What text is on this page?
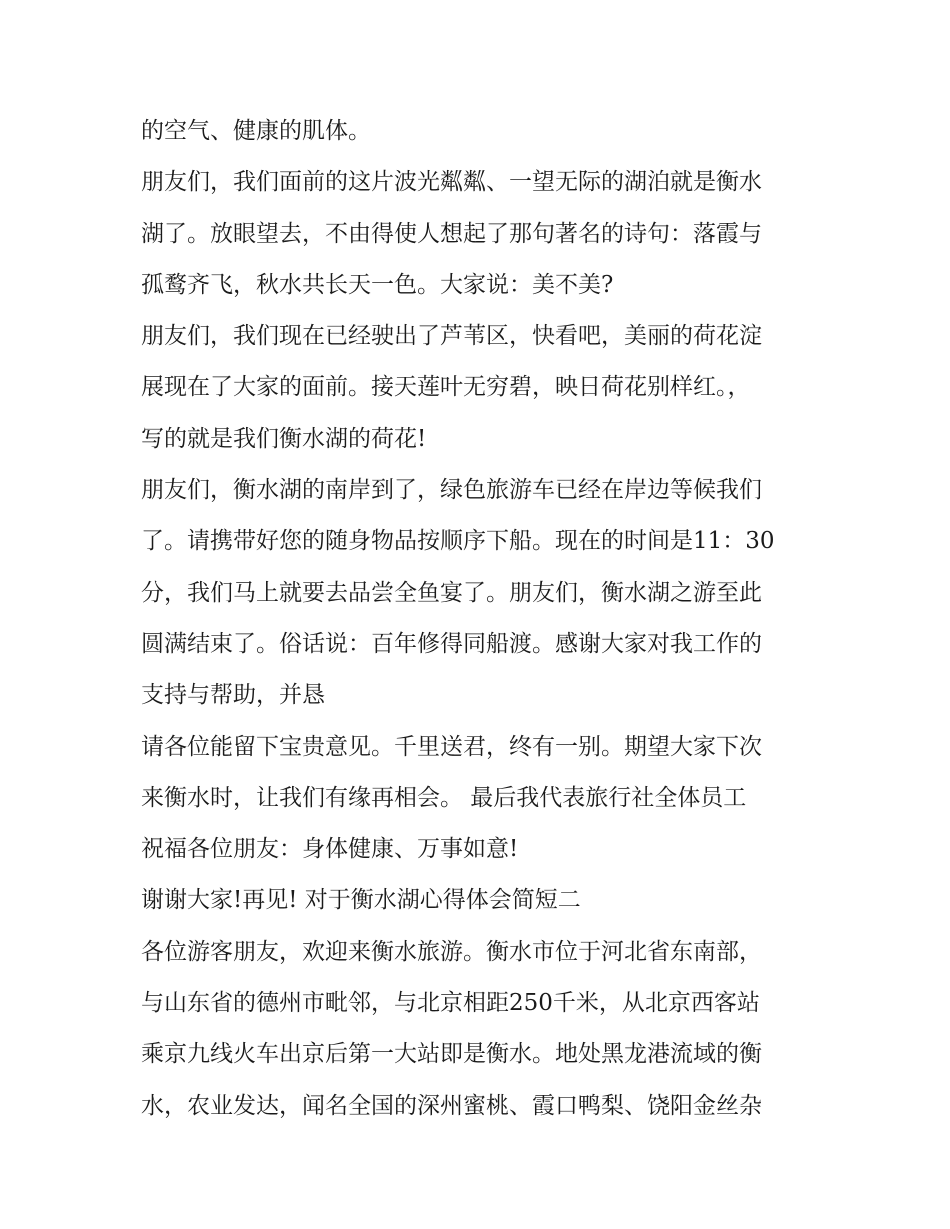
的空气、健康的肌体。
朋友们，我们面前的这片波光粼粼、一望无际的湖泊就是衡水
湖了。放眼望去，不由得使人想起了那句著名的诗句：落霞与
孤鹜齐飞，秋水共长天一色。大家说：美不美?
朋友们，我们现在已经驶出了芦苇区，快看吧，美丽的荷花淀
展现在了大家的面前。接天莲叶无穷碧，映日荷花别样红。，
写的就是我们衡水湖的荷花!
朋友们，衡水湖的南岸到了，绿色旅游车已经在岸边等候我们
了。请携带好您的随身物品按顺序下船。现在的时间是11：30
分，我们马上就要去品尝全鱼宴了。朋友们，衡水湖之游至此
圆满结束了。俗话说：百年修得同船渡。感谢大家对我工作的
支持与帮助，并恳
请各位能留下宝贵意见。千里送君，终有一别。期望大家下次
来衡水时，让我们有缘再相会。 最后我代表旅行社全体员工
祝福各位朋友：身体健康、万事如意!
谢谢大家!再见! 对于衡水湖心得体会简短二
各位游客朋友，欢迎来衡水旅游。衡水市位于河北省东南部，
与山东省的德州市毗邻，与北京相距250千米，从北京西客站
乘京九线火车出京后第一大站即是衡水。地处黑龙港流域的衡
水，农业发达，闻名全国的深州蜜桃、霞口鸭梨、饶阳金丝杂
